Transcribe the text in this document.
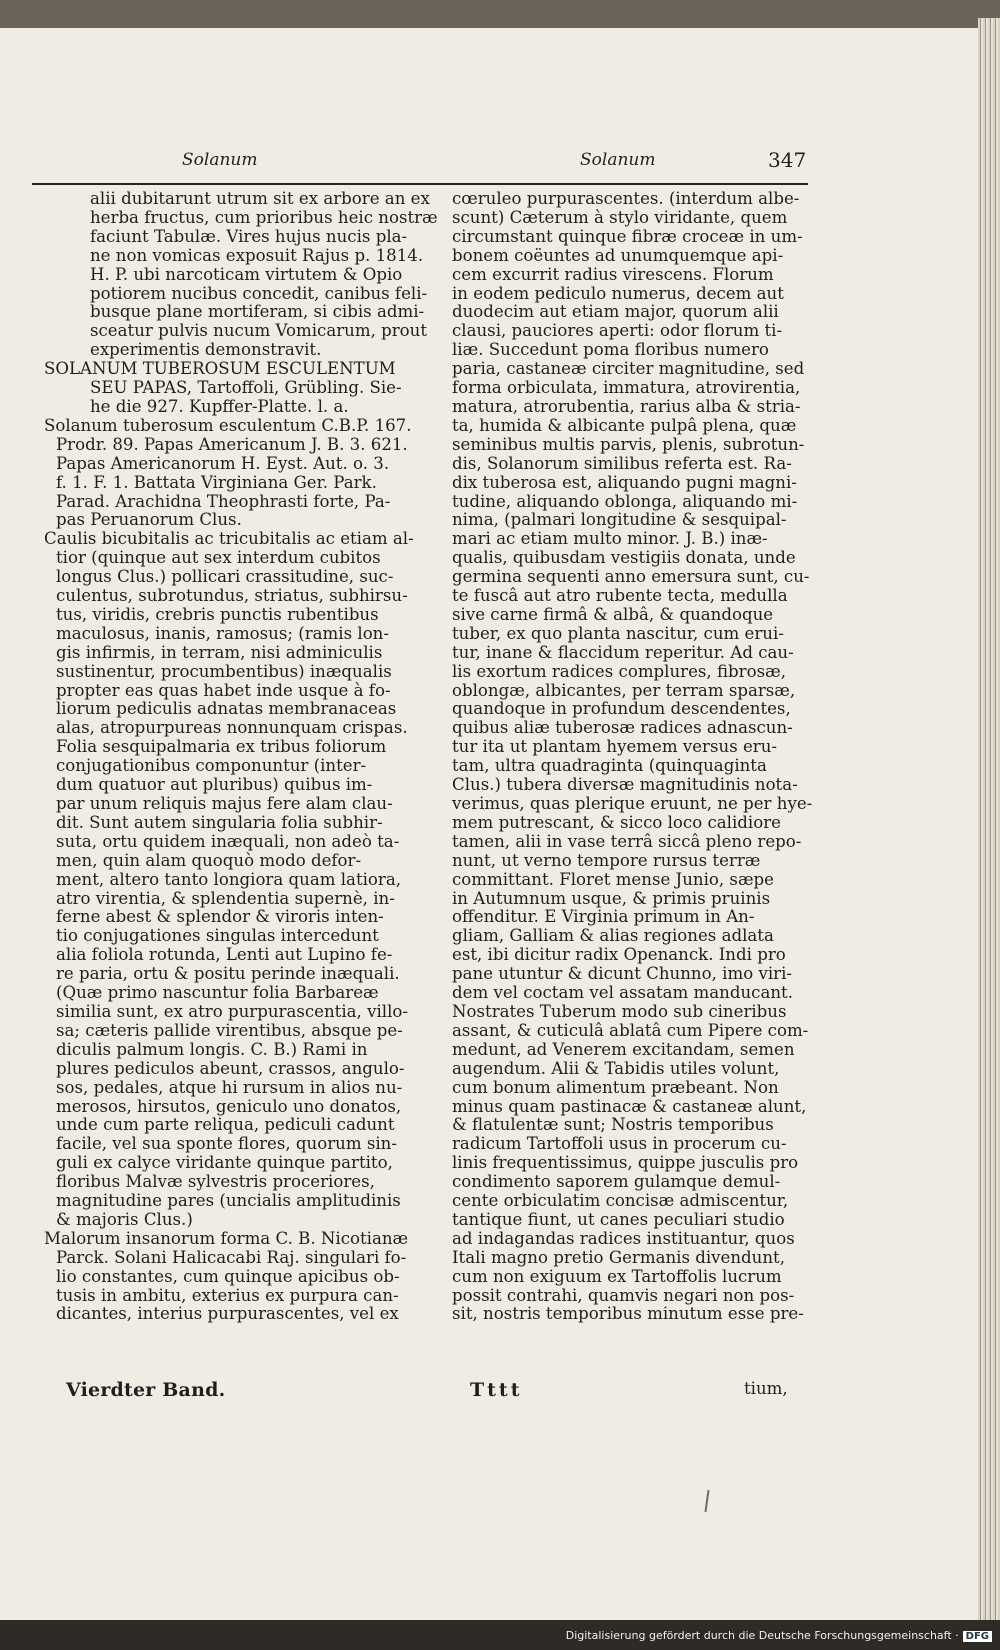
Solanum	Solanum	347

alii dubitarunt utrum sit ex arbore an ex

herba fructus, cum prioribus heic nostræ

faciunt Tabulæ. Vires hujus nucis pla-

ne non vomicas exposuit Rajus p. 1814.

H. P. ubi narcoticam virtutem & Opio

potiorem nucibus concedit, canibus feli-

busque plane mortiferam, si cibis admi-

sceatur pulvis nucum Vomicarum, prout

experimentis demonstravit.

SOLANUM TUBEROSUM ESCULENTUM

SEU PAPAS, Tartoffoli, Grübling. Sie-

he die 927. Kupffer-Platte. l. a.

Solanum tuberosum esculentum C.B.P. 167.

Prodr. 89. Papas Americanum J. B. 3. 621.

Papas Americanorum H. Eyst. Aut. o. 3.

f. 1. F. 1. Battata Virginiana Ger. Park.

Parad. Arachidna Theophrasti forte, Pa-

pas Peruanorum Clus.

Caulis bicubitalis ac tricubitalis ac etiam al-

tior (quinque aut sex interdum cubitos

longus Clus.) pollicari crassitudine, suc-

culentus, subrotundus, striatus, subhirsu-

tus, viridis, crebris punctis rubentibus

maculosus, inanis, ramosus; (ramis lon-

gis infirmis, in terram, nisi adminiculis

sustinentur, procumbentibus) inæqualis

propter eas quas habet inde usque à fo-

liorum pediculis adnatas membranaceas

alas, atropurpureas nonnunquam crispas.

Folia sesquipalmaria ex tribus foliorum

conjugationibus componuntur (inter-

dum quatuor aut pluribus) quibus im-

par unum reliquis majus fere alam clau-

dit. Sunt autem singularia folia subhir-

suta, ortu quidem inæquali, non adeò ta-

men, quin alam quoquò modo defor-

ment, altero tanto longiora quam latiora,

atro virentia, & splendentia supernè, in-

ferne abest & splendor & viroris inten-

tio conjugationes singulas intercedunt

alia foliola rotunda, Lenti aut Lupino fe-

re paria, ortu & positu perinde inæquali.

(Quæ primo nascuntur folia Barbareæ

similia sunt, ex atro purpurascentia, villo-

sa; cæteris pallide virentibus, absque pe-

diculis palmum longis. C. B.) Rami in

plures pediculos abeunt, crassos, angulo-

sos, pedales, atque hi rursum in alios nu-

merosos, hirsutos, geniculo uno donatos,

unde cum parte reliqua, pediculi cadunt

facile, vel sua sponte flores, quorum sin-

guli ex calyce viridante quinque partito,

floribus Malvæ sylvestris proceriores,

magnitudine pares (uncialis amplitudinis

& majoris Clus.)

Malorum insanorum forma C. B. Nicotianæ

Parck. Solani Halicacabi Raj. singulari fo-

lio constantes, cum quinque apicibus ob-

tusis in ambitu, exterius ex purpura can-

dicantes, interius purpurascentes, vel ex

cœruleo purpurascentes. (interdum albe-

scunt) Cæterum à stylo viridante, quem

circumstant quinque fibræ croceæ in um-

bonem coëuntes ad unumquemque api-

cem excurrit radius virescens. Florum

in eodem pediculo numerus, decem aut

duodecim aut etiam major, quorum alii

clausi, pauciores aperti: odor florum ti-

liæ. Succedunt poma floribus numero

paria, castaneæ circiter magnitudine, sed

forma orbiculata, immatura, atrovirentia,

matura, atrorubentia, rarius alba & stria-

ta, humida & albicante pulpâ plena, quæ

seminibus multis parvis, plenis, subrotun-

dis, Solanorum similibus referta est. Ra-

dix tuberosa est, aliquando pugni magni-

tudine, aliquando oblonga, aliquando mi-

nima, (palmari longitudine & sesquipal-

mari ac etiam multo minor. J. B.) inæ-

qualis, quibusdam vestigiis donata, unde

germina sequenti anno emersura sunt, cu-

te fuscâ aut atro rubente tecta, medulla

sive carne firmâ & albâ, & quandoque

tuber, ex quo planta nascitur, cum erui-

tur, inane & flaccidum reperitur. Ad cau-

lis exortum radices complures, fibrosæ,

oblongæ, albicantes, per terram sparsæ,

quandoque in profundum descendentes,

quibus aliæ tuberosæ radices adnascun-

tur ita ut plantam hyemem versus eru-

tam, ultra quadraginta (quinquaginta

Clus.) tubera diversæ magnitudinis nota-

verimus, quas plerique eruunt, ne per hye-

mem putrescant, & sicco loco calidiore

tamen, alii in vase terrâ siccâ pleno repo-

nunt, ut verno tempore rursus terræ

committant. Floret mense Junio, sæpe

in Autumnum usque, & primis pruinis

offenditur. E Virginia primum in An-

gliam, Galliam & alias regiones adlata

est, ibi dicitur radix Openanck. Indi pro

pane utuntur & dicunt Chunno, imo viri-

dem vel coctam vel assatam manducant.

Nostrates Tuberum modo sub cineribus

assant, & cuticulâ ablatâ cum Pipere com-

medunt, ad Venerem excitandam, semen

augendum. Alii & Tabidis utiles volunt,

cum bonum alimentum præbeant. Non

minus quam pastinacæ & castaneæ alunt,

& flatulentæ sunt; Nostris temporibus

radicum Tartoffoli usus in procerum cu-

linis frequentissimus, quippe jusculis pro

condimento saporem gulamque demul-

cente orbiculatim concisæ admiscentur,

tantique fiunt, ut canes peculiari studio

ad indagandas radices instituantur, quos

Itali magno pretio Germanis divendunt,

cum non exiguum ex Tartoffolis lucrum

possit contrahi, quamvis negari non pos-

sit, nostris temporibus minutum esse pre-

Vierdter Band.	Tttt	tium,
Digitalisierung gefördert durch die Deutsche Forschungsgemeinschaft · DFG
